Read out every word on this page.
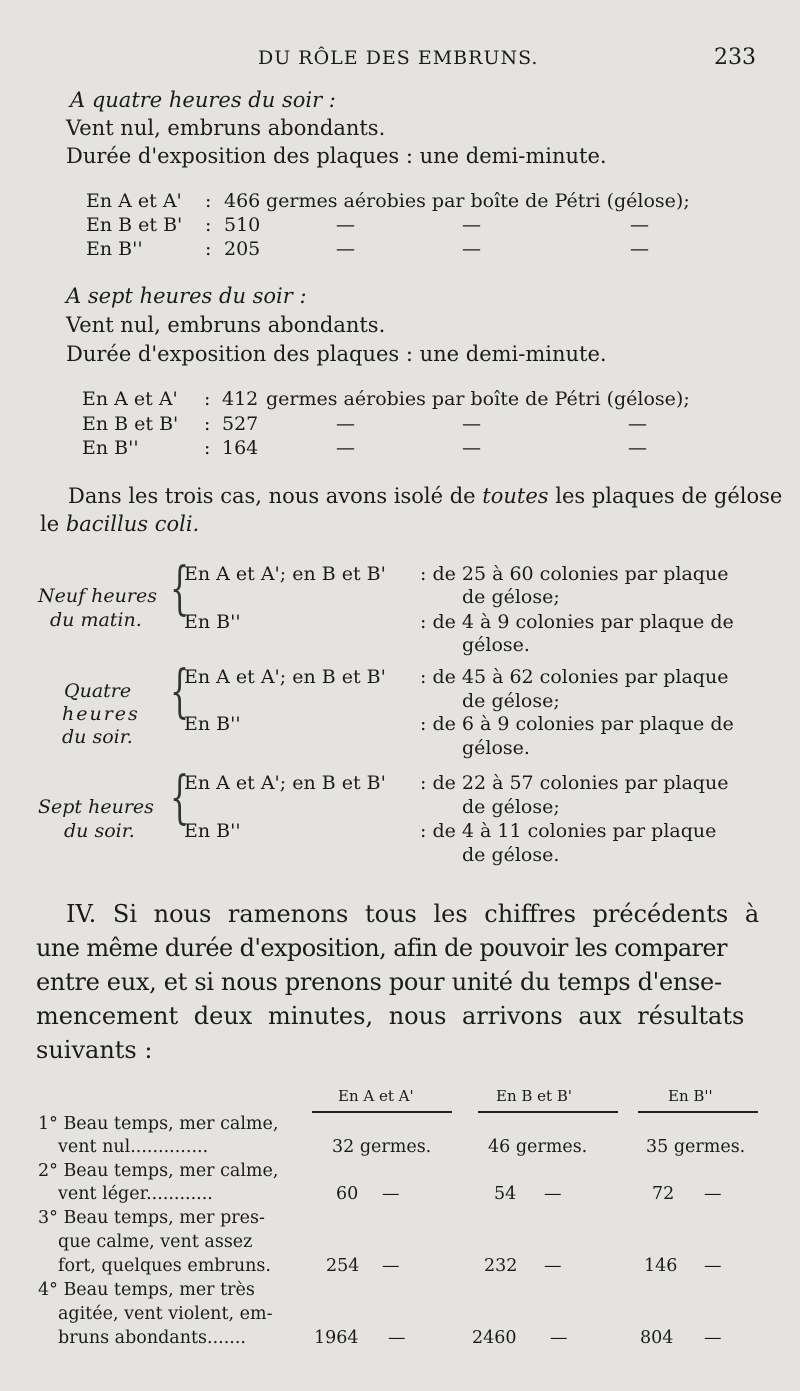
DU RÔLE DES EMBRUNS.	233
A quatre heures du soir :
Vent nul, embruns abondants.
Durée d'exposition des plaques : une demi-minute.
En A et A' : 466 germes aérobies par boîte de Pétri (gélose);
En B et B' : 510	—	—	—
En B''	: 205	—	—	—
A sept heures du soir :
Vent nul, embruns abondants.
Durée d'exposition des plaques : une demi-minute.
En A et A' : 412 germes aérobies par boîte de Pétri (gélose);
En B et B' : 527	—	—	—
En B''	: 164	—	—	—
Dans les trois cas, nous avons isolé de toutes les plaques de gélose
le bacillus coli.
Neuf heures
du matin. {
En A et A'; en B et B' : de 25 à 60 colonies par plaque
de gélose;
En B''	: de 4 à 9 colonies par plaque de
gélose.
Quatre
heures
du soir.
{
En A et A'; en B et B' : de 45 à 62 colonies par plaque
de gélose;
En B''	: de 6 à 9 colonies par plaque de
gélose.
Sept heures
du soir. {
En A et A'; en B et B' : de 22 à 57 colonies par plaque
de gélose;
En B''	: de 4 à 11 colonies par plaque
de gélose.
IV. Si nous ramenons tous les chiffres précédents à
une même durée d'exposition, afin de pouvoir les comparer
entre eux, et si nous prenons pour unité du temps d'ense-
mencement deux minutes, nous arrivons aux résultats
suivants :
En A et A'	En B et B'	En B''
1° Beau temps, mer calme,
vent nul..............	32 germes.	46 germes.	35 germes.
2° Beau temps, mer calme,
vent léger............	60 —	54 —	72 —
3° Beau temps, mer pres-
que calme, vent assez
fort, quelques embruns.	254 —	232 —	146 —
4° Beau temps, mer très
agitée, vent violent, em-
bruns abondants.......	1964 —	2460 —	804 —
